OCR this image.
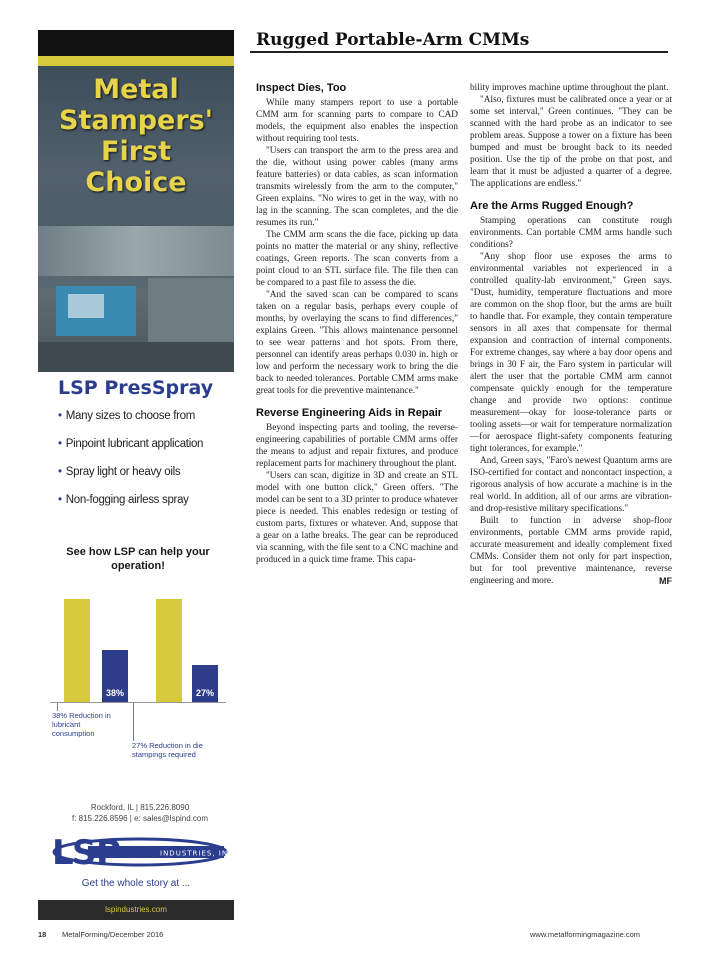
Rugged Portable-Arm CMMs
Metal
Stampers'
First
Choice
LSP PresSpray
• Many sizes to choose from
• Pinpoint lubricant application
• Spray light or heavy oils
• Non-fogging airless spray
See how LSP can help your operation!
38%	27%
38% Reduction in lubricant consumption
27% Reduction in die stampings required
Rockford, IL | 815.226.8090
f: 815.226.8596 | e: sales@lspind.com
L
S P	INDUSTRIES, INC.
Get the whole story at ...
lspindustries.com
Inspect Dies, Too

While many stampers report to use a portable CMM arm for scanning parts to compare to CAD models, the equipment also enables the inspection without requiring tool tests.

"Users can transport the arm to the press area and the die, without using power cables (many arms feature batteries) or data cables, as scan information transmits wirelessly from the arm to the computer," Green explains. "No wires to get in the way, with no lag in the scanning. The scan completes, and the die resumes its run."

The CMM arm scans the die face, picking up data points no matter the material or any shiny, reflective coatings, Green reports. The scan converts from a point cloud to an STL surface file. The file then can be compared to a past file to assess the die.

"And the saved scan can be compared to scans taken on a regular basis, perhaps every couple of months, by overlaying the scans to find differences," explains Green. "This allows maintenance personnel to see wear patterns and hot spots. From there, personnel can identify areas perhaps 0.030 in. high or low and perform the necessary work to bring the die back to needed tolerances. Portable CMM arms make great tools for die preventive maintenance."

Reverse Engineering Aids in Repair

Beyond inspecting parts and tooling, the reverse-engineering capabilities of portable CMM arms offer the means to adjust and repair fixtures, and produce replacement parts for machinery throughout the plant.

"Users can scan, digitize in 3D and create an STL model with one button click," Green offers. "The model can be sent to a 3D printer to produce whatever piece is needed. This enables redesign or testing of custom parts, fixtures or whatever. And, suppose that a gear on a lathe breaks. The gear can be reproduced via scanning, with the file sent to a CNC machine and produced in a quick time frame. This capa-

bility improves machine uptime throughout the plant.

"Also, fixtures must be calibrated once a year or at some set interval," Green continues. "They can be scanned with the hard probe as an indicator to see problem areas. Suppose a tower on a fixture has been bumped and must be brought back to its needed position. Use the tip of the probe on that post, and learn that it must be adjusted a quarter of a degree. The applications are endless."

Are the Arms Rugged Enough?

Stamping operations can constitute rough environments. Can portable CMM arms handle such conditions?

"Any shop floor use exposes the arms to environmental variables not experienced in a controlled quality-lab environment," Green says. "Dust, humidity, temperature fluctuations and more are common on the shop floor, but the arms are built to handle that. For example, they contain temperature sensors in all axes that compensate for thermal expansion and contraction of internal components. For extreme changes, say where a bay door opens and brings in 30 F air, the Faro system in particular will alert the user that the portable CMM arm cannot compensate quickly enough for the temperature change and provide two options: continue measurement—okay for loose-tolerance parts or tooling assets—or wait for temperature normalization—for aerospace flight-safety components featuring tight tolerances, for example."

And, Green says, "Faro's newest Quantum arms are ISO-certified for contact and noncontact inspection, a rigorous analysis of how accurate a machine is in the real world. In addition, all of our arms are vibration- and drop-resistive military specifications."

Built to function in adverse shop-floor environments, portable CMM arms provide rapid, accurate measurement and ideally complement fixed CMMs. Consider them not only for part inspection, but for tool preventive maintenance, reverse engineering and more.	MF

18 MetalForming/December 2016	www.metalformingmagazine.com
